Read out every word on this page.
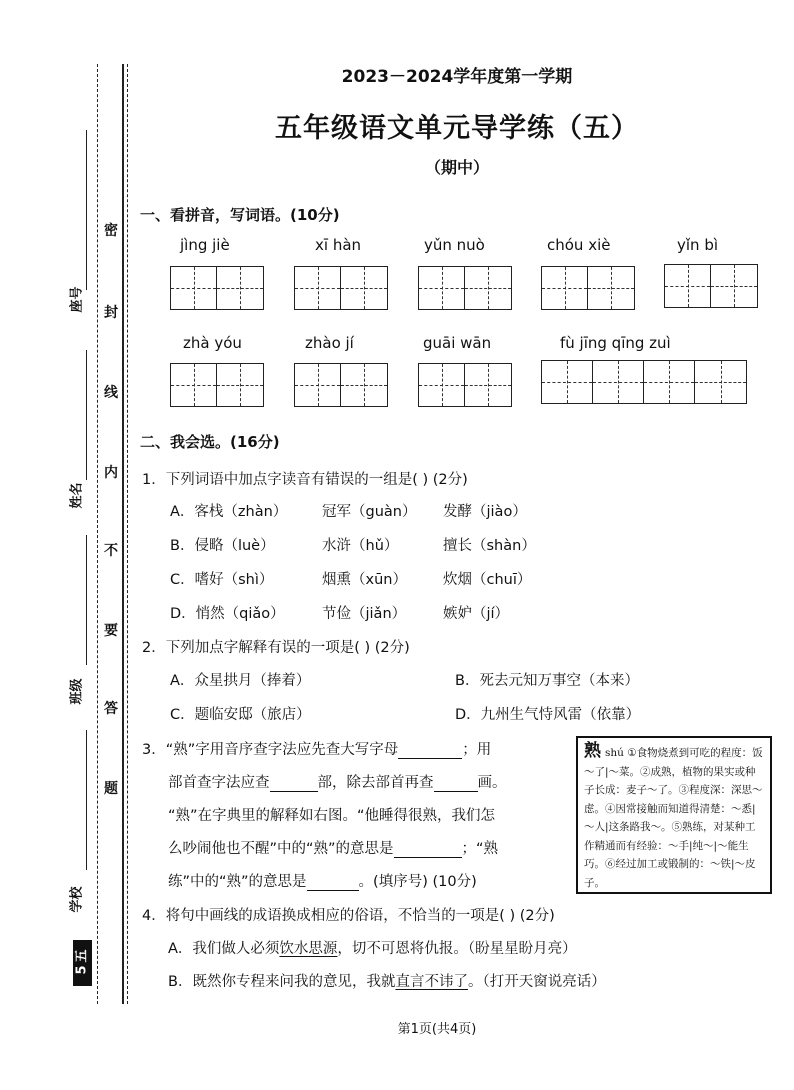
密
封
线
内
不
要
答
题
座号
姓名
班级
学校
五
5
2023－2024学年度第一学期
五年级语文单元导学练（五）
（期中）
一、看拼音，写词语。(10分)
jìng jiè	xī hàn	yǔn nuò	chóu xiè	yǐn bì
zhà yóu	zhào jí	guāi wān	fù jīng qīng zuì
二、我会选。(16分)
1．下列词语中加点字读音有错误的一组是( ) (2分)
A．客栈（zhàn） 冠军（guàn） 发酵（jiào）
B．侵略（luè）	水浒（hǔ）	擅长（shàn）
C．嗜好（shì）	烟熏（xūn） 炊烟（chuī）
D．悄然（qiǎo）	节俭（jiǎn）	嫉妒（jí）
2．下列加点字解释有误的一项是( ) (2分)
A．众星拱月（捧着）	B．死去元知万事空（本来）
C．题临安邸（旅店）	D．九州生气恃风雷（依靠）
3．“熟”字用音序查字法应先查大写字母	；用
部首查字法应查	部，除去部首再查	画。
“熟”在字典里的解释如右图。“他睡得很熟，我们怎
么吵闹他也不醒”中的“熟”的意思是	；“熟
练”中的“熟”的意思是	。(填序号) (10分)
熟shú ①食物烧煮到可吃的程度：饭～了|～菜。②成熟，植物的果实或种子长成：麦子～了。③程度深：深思～虑。④因常接触而知道得清楚：～悉|～人|这条路我～。⑤熟练，对某种工作精通而有经验：～手|纯～|～能生巧。⑥经过加工或锻制的：～铁|～皮子。
4．将句中画线的成语换成相应的俗语，不恰当的一项是( ) (2分)
A．我们做人必须饮水思源，切不可恩将仇报。（盼星星盼月亮）
B．既然你专程来问我的意见，我就直言不讳了。（打开天窗说亮话）
第1页(共4页)
